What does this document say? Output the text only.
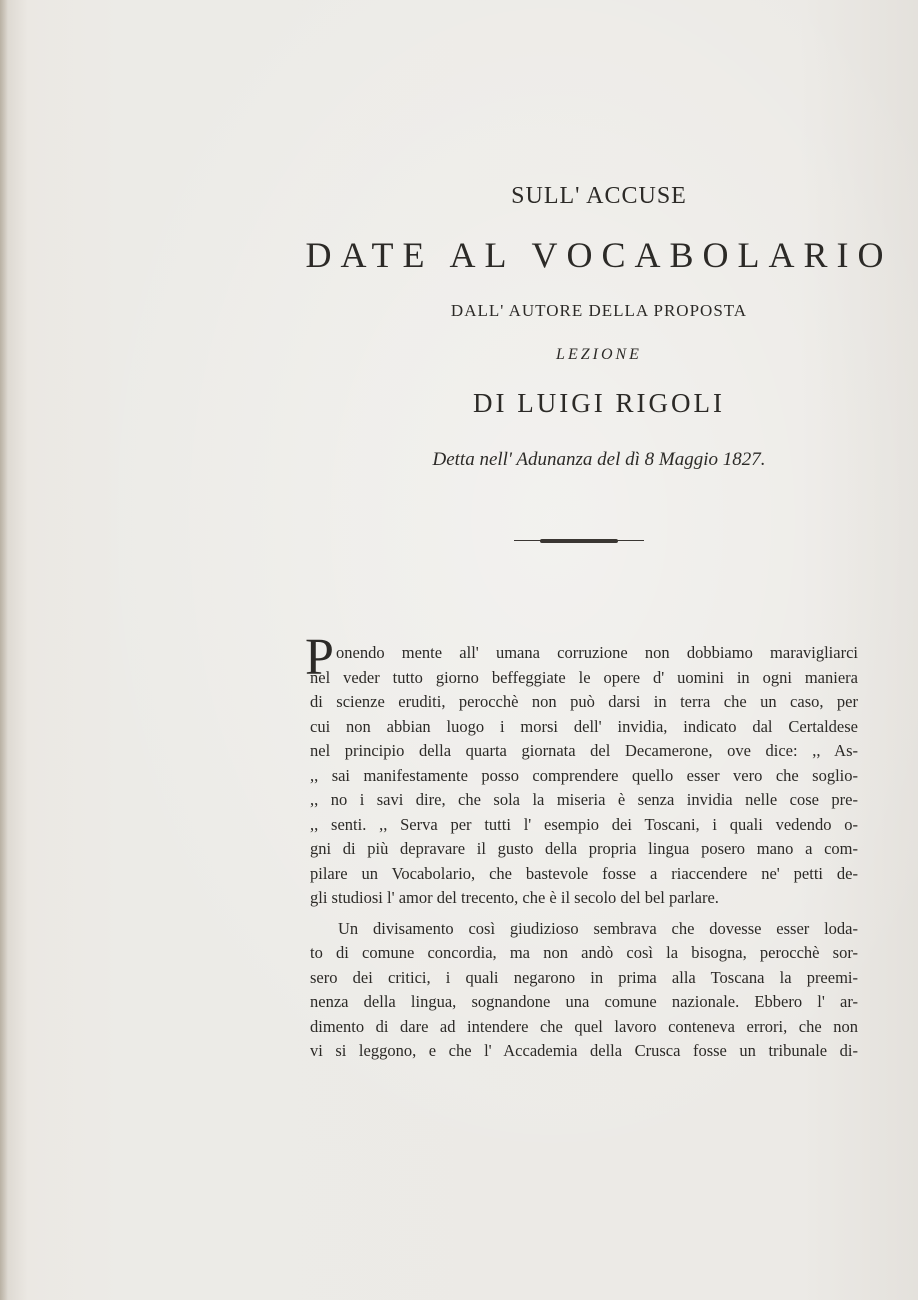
SULL' ACCUSE
DATE AL VOCABOLARIO
DALL' AUTORE DELLA PROPOSTA
LEZIONE
DI LUIGI RIGOLI
Detta nell' Adunanza del dì 8 Maggio 1827.
P onendo mente all' umana corruzione non dobbiamo maravigliarci
nel veder tutto giorno beffeggiate le opere d' uomini in ogni maniera
di scienze eruditi, perocchè non può darsi in terra che un caso, per
cui non abbian luogo i morsi dell' invidia, indicato dal Certaldese
nel principio della quarta giornata del Decamerone, ove dice: ,, As-
,, sai manifestamente posso comprendere quello esser vero che soglio-
,, no i savi dire, che sola la miseria è senza invidia nelle cose pre-
,, senti. ,, Serva per tutti l' esempio dei Toscani, i quali vedendo o-
gni di più depravare il gusto della propria lingua posero mano a com-
pilare un Vocabolario, che bastevole fosse a riaccendere ne' petti de-
gli studiosi l' amor del trecento, che è il secolo del bel parlare.
Un divisamento così giudizioso sembrava che dovesse esser loda-
to di comune concordia, ma non andò così la bisogna, perocchè sor-
sero dei critici, i quali negarono in prima alla Toscana la preemi-
nenza della lingua, sognandone una comune nazionale. Ebbero l' ar-
dimento di dare ad intendere che quel lavoro conteneva errori, che non
vi si leggono, e che l' Accademia della Crusca fosse un tribunale di-
